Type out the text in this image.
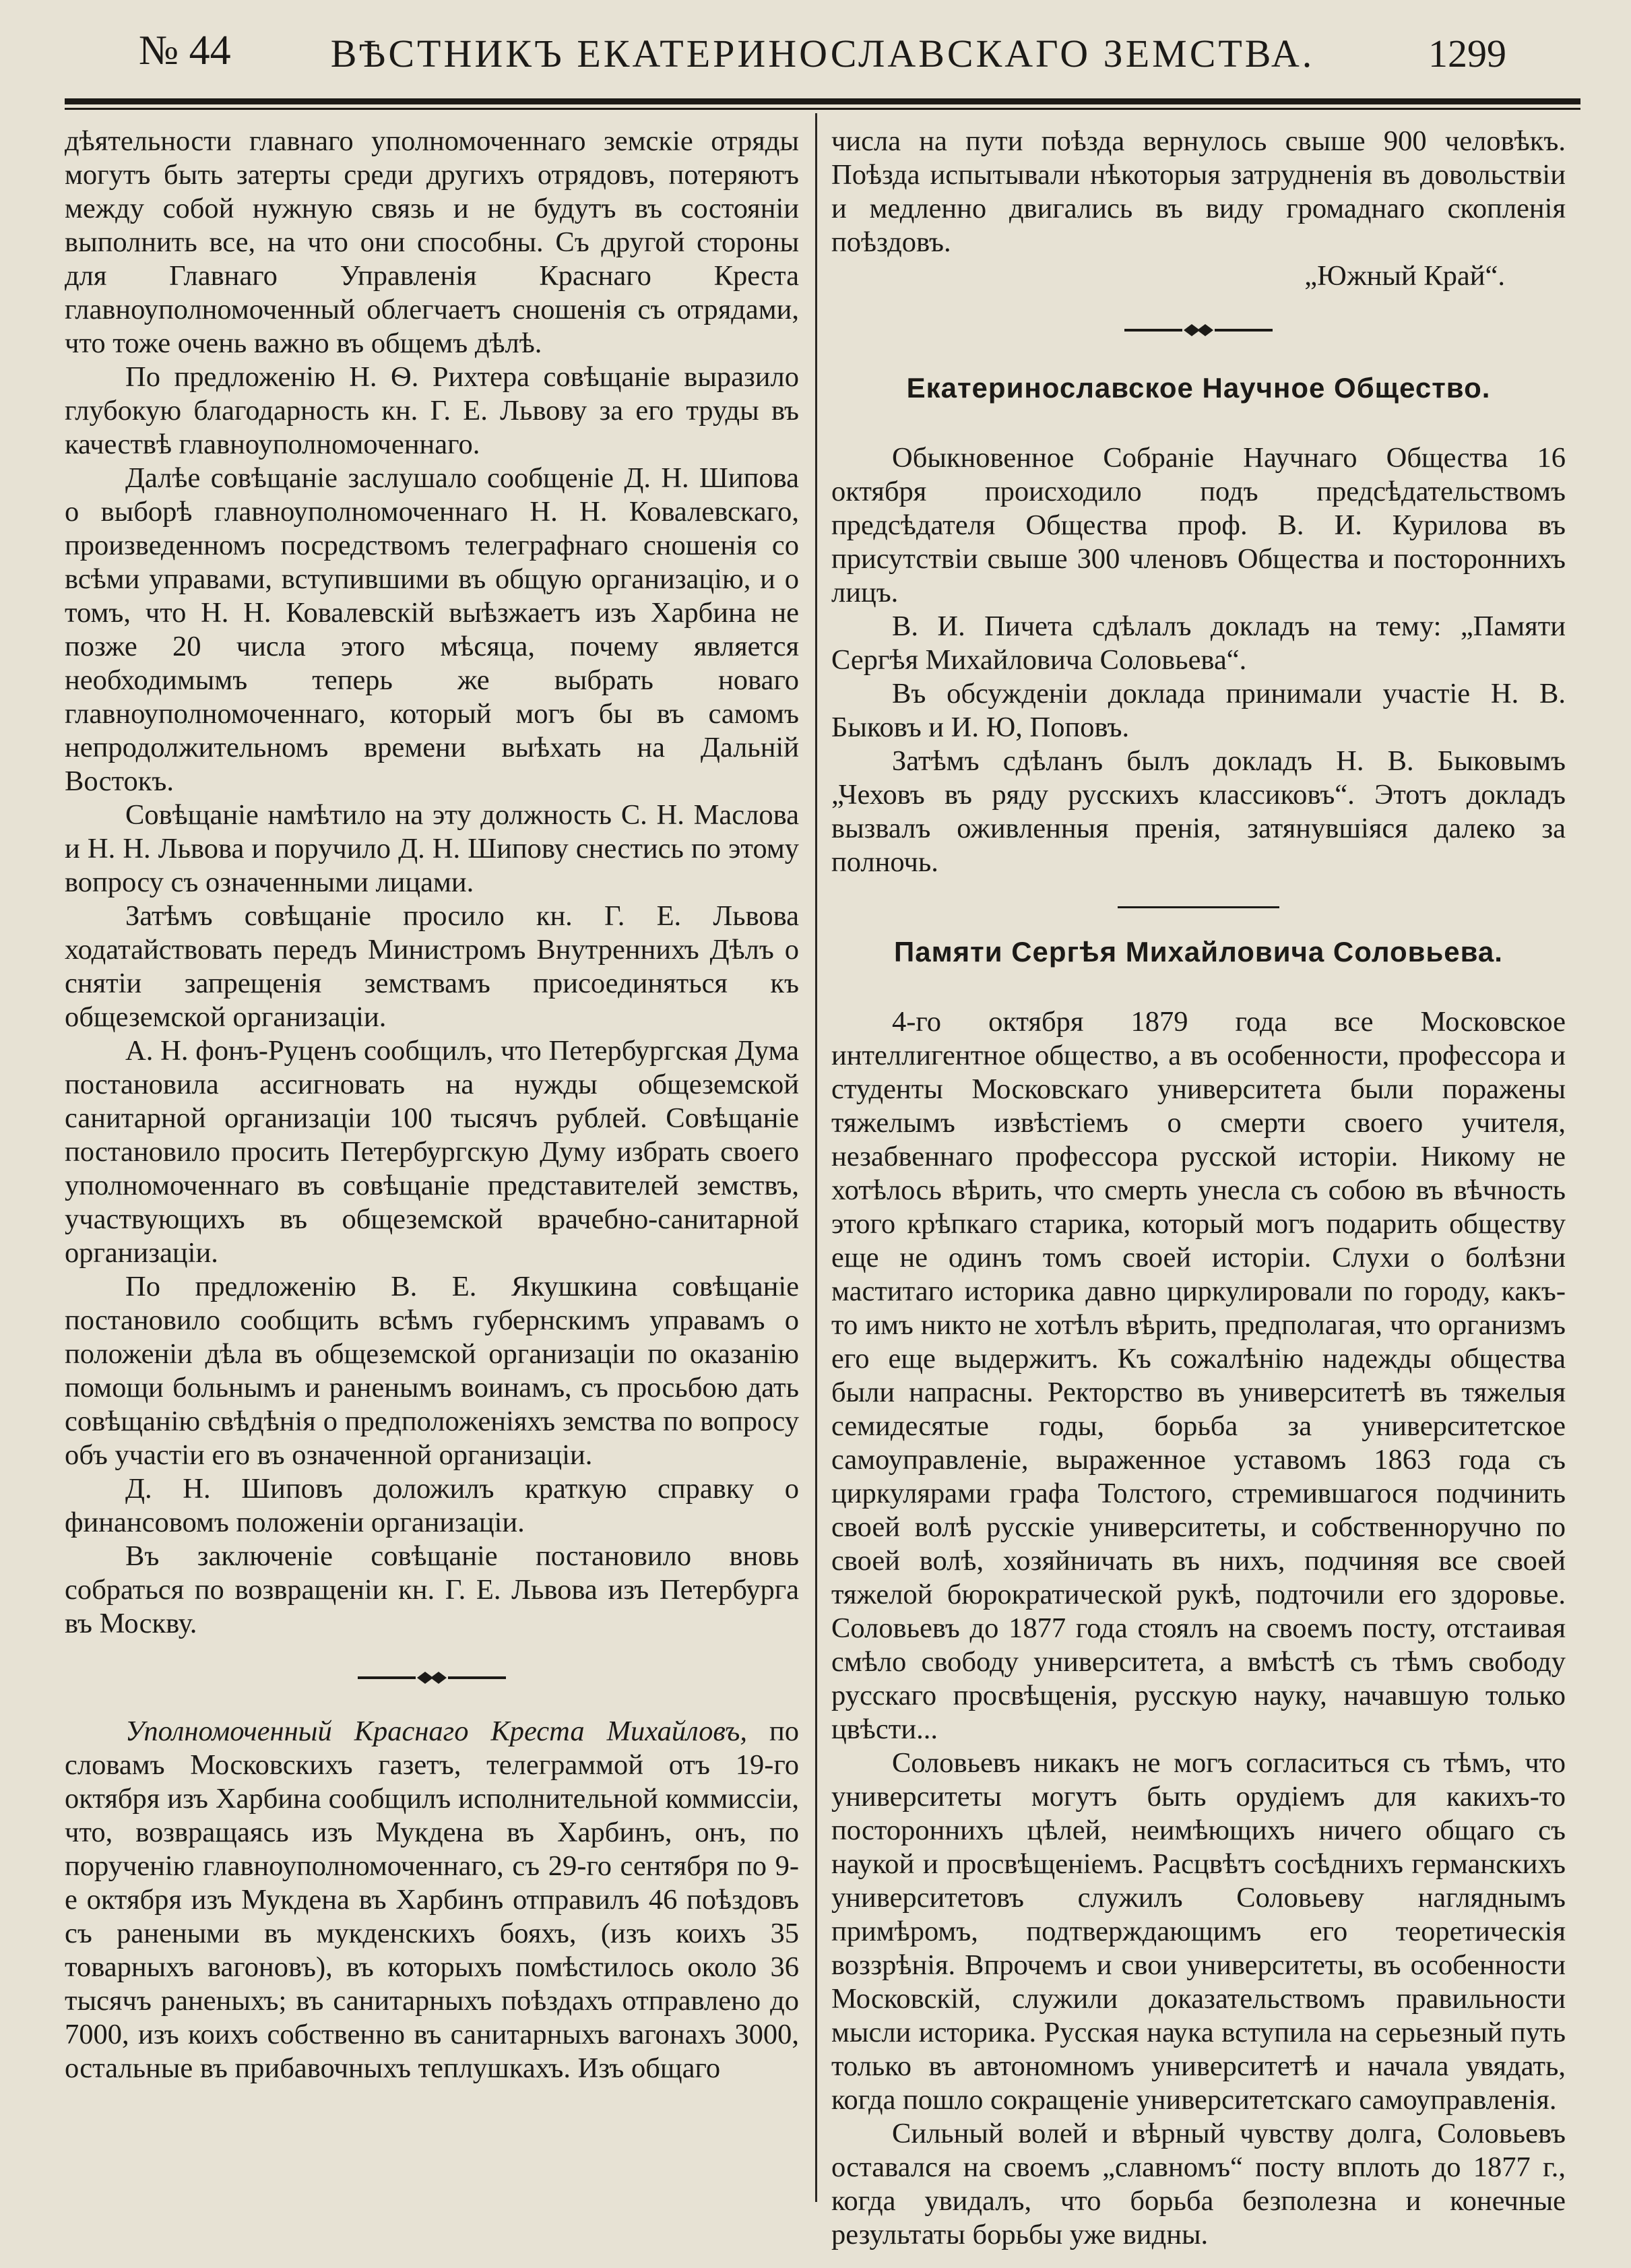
№ 44	ВѢСТНИКЪ ЕКАТЕРИНОСЛАВСКАГО ЗЕМСТВА.	1299

дѣятельности главнаго уполномоченнаго земскіе отряды могутъ быть затерты среди другихъ отрядовъ, потеряютъ между собой нужную связь и не будутъ въ состояніи выполнить все, на что они способны. Съ другой стороны для Главнаго Управленія Краснаго Креста главноуполномоченный облегчаетъ сношенія съ отрядами, что тоже очень важно въ общемъ дѣлѣ.

По предложенію Н. Ѳ. Рихтера совѣщаніе выразило глубокую благодарность кн. Г. Е. Львову за его труды въ качествѣ главноуполномоченнаго.

Далѣе совѣщаніе заслушало сообщеніе Д. Н. Шипова о выборѣ главноуполномоченнаго Н. Н. Ковалевскаго, произведенномъ посредствомъ телеграфнаго сношенія со всѣми управами, вступившими въ общую организацію, и о томъ, что Н. Н. Ковалевскій выѣзжаетъ изъ Харбина не позже 20 числа этого мѣсяца, почему является необходимымъ теперь же выбрать новаго главноуполномоченнаго, который могъ бы въ самомъ непродолжительномъ времени выѣхать на Дальній Востокъ.

Совѣщаніе намѣтило на эту должность С. Н. Маслова и Н. Н. Львова и поручило Д. Н. Шипову снестись по этому вопросу съ означенными лицами.

Затѣмъ совѣщаніе просило кн. Г. Е. Львова ходатайствовать передъ Министромъ Внутреннихъ Дѣлъ о снятіи запрещенія земствамъ присоединяться къ общеземской организаціи.

А. Н. фонъ-Руценъ сообщилъ, что Петербургская Дума постановила ассигновать на нужды общеземской санитарной организаціи 100 тысячъ рублей. Совѣщаніе постановило просить Петербургскую Думу избрать своего уполномоченнаго въ совѣщаніе представителей земствъ, участвующихъ въ общеземской врачебно-санитарной организаціи.

По предложенію В. Е. Якушкина совѣщаніе постановило сообщить всѣмъ губернскимъ управамъ о положеніи дѣла въ общеземской организаціи по оказанію помощи больнымъ и раненымъ воинамъ, съ просьбою дать совѣщанію свѣдѣнія о предположеніяхъ земства по вопросу объ участіи его въ означенной организаціи.

Д. Н. Шиповъ доложилъ краткую справку о финансовомъ положеніи организаціи.

Въ заключеніе совѣщаніе постановило вновь собраться по возвращеніи кн. Г. Е. Львова изъ Петербурга въ Москву.

Уполномоченный Краснаго Креста Михайловъ, по словамъ Московскихъ газетъ, телеграммой отъ 19-го октября изъ Харбина сообщилъ исполнительной коммиссіи, что, возвращаясь изъ Мукдена въ Харбинъ, онъ, по порученію главноуполномоченнаго, съ 29-го сентября по 9-е октября изъ Мукдена въ Харбинъ отправилъ 46 поѣздовъ съ ранеными въ мукденскихъ бояхъ, (изъ коихъ 35 товарныхъ вагоновъ), въ которыхъ помѣстилось около 36 тысячъ раненыхъ; въ санитарныхъ поѣздахъ отправлено до 7000, изъ коихъ собственно въ санитарныхъ вагонахъ 3000, остальные въ прибавочныхъ теплушкахъ. Изъ общаго

числа на пути поѣзда вернулось свыше 900 человѣкъ. Поѣзда испытывали нѣкоторыя затрудненія въ довольствіи и медленно двигались въ виду громаднаго скопленія поѣздовъ.

„Южный Край“.

Екатеринославское Научное Общество.

Обыкновенное Собраніе Научнаго Общества 16 октября происходило подъ предсѣдательствомъ предсѣдателя Общества проф. В. И. Курилова въ присутствіи свыше 300 членовъ Общества и постороннихъ лицъ.

В. И. Пичета сдѣлалъ докладъ на тему: „Памяти Сергѣя Михайловича Соловьева“.

Въ обсужденіи доклада принимали участіе Н. В. Быковъ и И. Ю, Поповъ.

Затѣмъ сдѣланъ былъ докладъ Н. В. Быковымъ „Чеховъ въ ряду русскихъ классиковъ“. Этотъ докладъ вызвалъ оживленныя пренія, затянувшіяся далеко за полночь.

Памяти Сергѣя Михайловича Соловьева.

4-го октября 1879 года все Московское интеллигентное общество, а въ особенности, профессора и студенты Московскаго университета были поражены тяжелымъ извѣстіемъ о смерти своего учителя, незабвеннаго профессора русской исторіи. Никому не хотѣлось вѣрить, что смерть унесла съ собою въ вѣчность этого крѣпкаго старика, который могъ подарить обществу еще не одинъ томъ своей исторіи. Слухи о болѣзни маститаго историка давно циркулировали по городу, какъ-то имъ никто не хотѣлъ вѣрить, предполагая, что организмъ его еще выдержитъ. Къ сожалѣнію надежды общества были напрасны. Ректорство въ университетѣ въ тяжелыя семидесятые годы, борьба за университетское самоуправленіе, выраженное уставомъ 1863 года съ циркулярами графа Толстого, стремившагося подчинить своей волѣ русскіе университеты, и собственноручно по своей волѣ, хозяйничать въ нихъ, подчиняя все своей тяжелой бюрократической рукѣ, подточили его здоровье. Соловьевъ до 1877 года стоялъ на своемъ посту, отстаивая смѣло свободу университета, а вмѣстѣ съ тѣмъ свободу русскаго просвѣщенія, русскую науку, начавшую только цвѣсти...

Соловьевъ никакъ не могъ согласиться съ тѣмъ, что университеты могутъ быть орудіемъ для какихъ-то постороннихъ цѣлей, неимѣющихъ ничего общаго съ наукой и просвѣщеніемъ. Расцвѣтъ сосѣднихъ германскихъ университетовъ служилъ Соловьеву нагляднымъ примѣромъ, подтверждающимъ его теоретическія воззрѣнія. Впрочемъ и свои университеты, въ особенности Московскій, служили доказательствомъ правильности мысли историка. Русская наука вступила на серьезный путь только въ автономномъ университетѣ и начала увядать, когда пошло сокращеніе университетскаго самоуправленія.

Сильный волей и вѣрный чувству долга, Соловьевъ оставался на своемъ „славномъ“ посту вплоть до 1877 г., когда увидалъ, что борьба безполезна и конечные результаты борьбы уже видны.
